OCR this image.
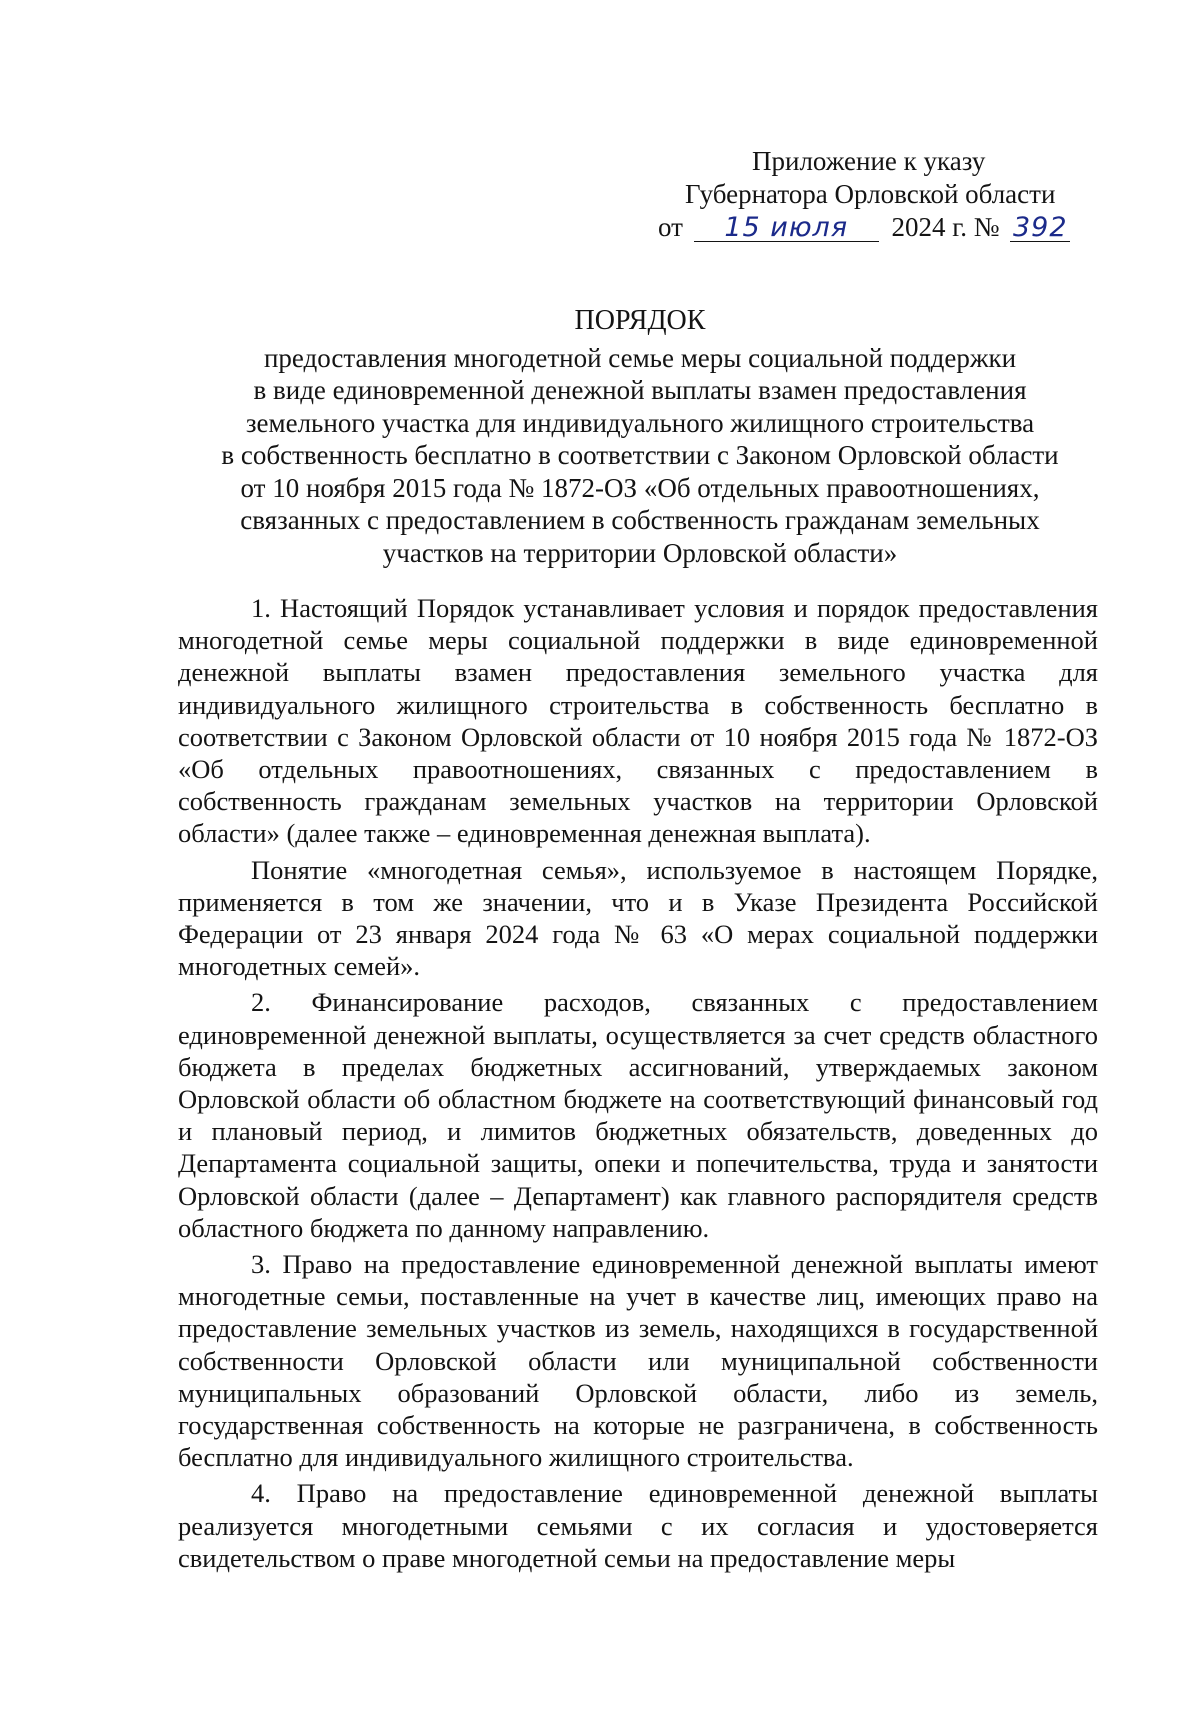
Приложение к указу
Губернатора Орловской области
от 15 июля 2024 г. № 392
ПОРЯДОК
предоставления многодетной семье меры социальной поддержки
в виде единовременной денежной выплаты взамен предоставления
земельного участка для индивидуального жилищного строительства
в собственность бесплатно в соответствии с Законом Орловской области
от 10 ноября 2015 года № 1872-ОЗ «Об отдельных правоотношениях,
связанных с предоставлением в собственность гражданам земельных
участков на территории Орловской области»

1. Настоящий Порядок устанавливает условия и порядок предоставления многодетной семье меры социальной поддержки в виде единовременной денежной выплаты взамен предоставления земельного участка для индивидуального жилищного строительства в собственность бесплатно в соответствии с Законом Орловской области от 10 ноября 2015 года № 1872-ОЗ «Об отдельных правоотношениях, связанных с предоставлением в собственность гражданам земельных участков на территории Орловской области» (далее также – единовременная денежная выплата).

Понятие «многодетная семья», используемое в настоящем Порядке, применяется в том же значении, что и в Указе Президента Российской Федерации от 23 января 2024 года № 63 «О мерах социальной поддержки многодетных семей».

2. Финансирование расходов, связанных с предоставлением единовременной денежной выплаты, осуществляется за счет средств областного бюджета в пределах бюджетных ассигнований, утверждаемых законом Орловской области об областном бюджете на соответствующий финансовый год и плановый период, и лимитов бюджетных обязательств, доведенных до Департамента социальной защиты, опеки и попечительства, труда и занятости Орловской области (далее – Департамент) как главного распорядителя средств областного бюджета по данному направлению.

3. Право на предоставление единовременной денежной выплаты имеют многодетные семьи, поставленные на учет в качестве лиц, имеющих право на предоставление земельных участков из земель, находящихся в государственной собственности Орловской области или муниципальной собственности муниципальных образований Орловской области, либо из земель, государственная собственность на которые не разграничена, в собственность бесплатно для индивидуального жилищного строительства.

4. Право на предоставление единовременной денежной выплаты реализуется многодетными семьями с их согласия и удостоверяется свидетельством о праве многодетной семьи на предоставление меры
